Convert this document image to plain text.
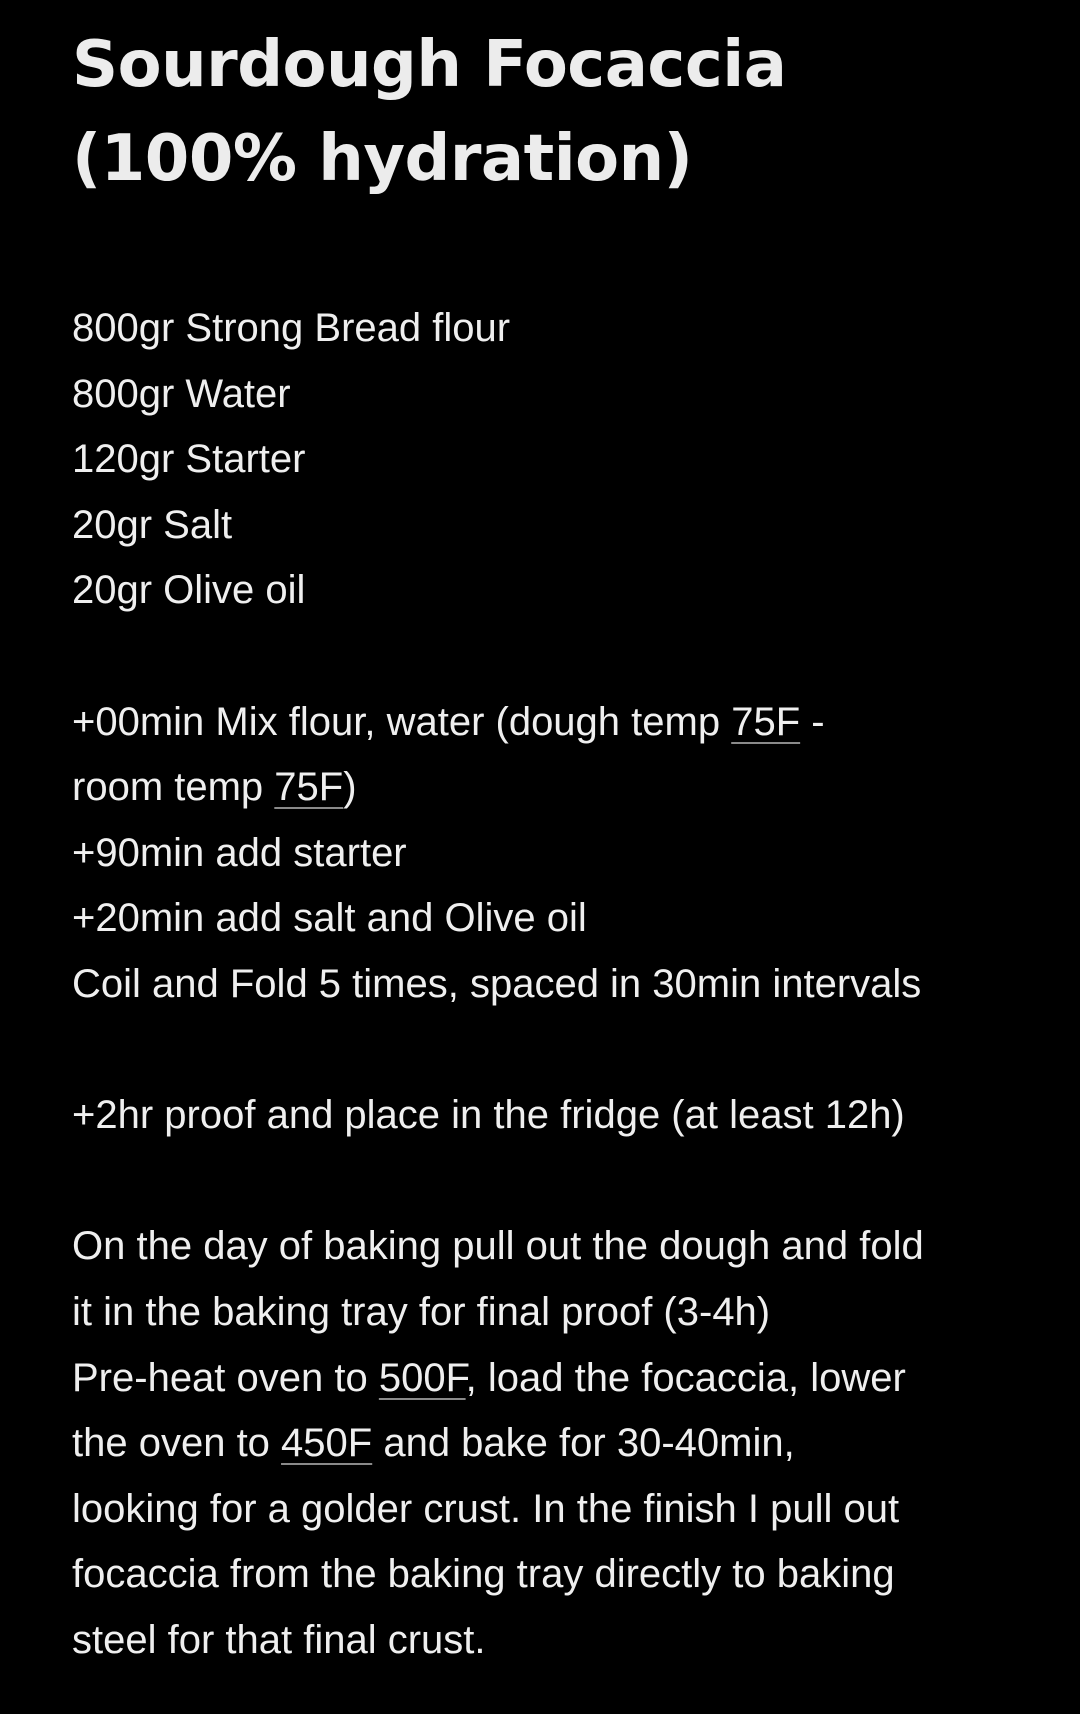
Sourdough Focaccia (100% hydration)
800gr Strong Bread flour
800gr Water
120gr Starter
20gr Salt
20gr Olive oil
+00min Mix flour, water (dough temp 75F -
room temp 75F)
+90min add starter
+20min add salt and Olive oil
Coil and Fold 5 times, spaced in 30min intervals
+2hr proof and place in the fridge (at least 12h)
On the day of baking pull out the dough and fold
it in the baking tray for final proof (3-4h)
Pre-heat oven to 500F, load the focaccia, lower
the oven to 450F and bake for 30-40min,
looking for a golder crust. In the finish I pull out
focaccia from the baking tray directly to baking
steel for that final crust.
